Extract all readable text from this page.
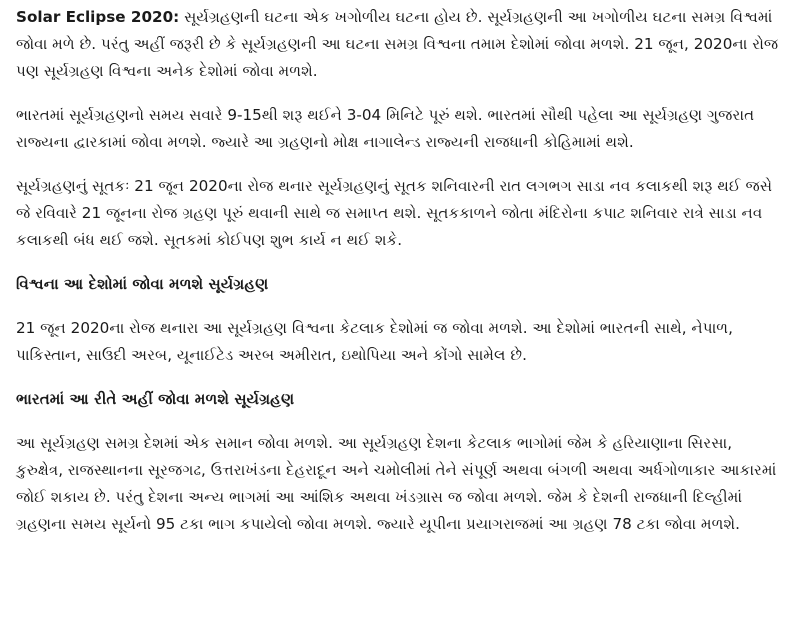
Solar Eclipse 2020: સૂર્યગ્રહણની ઘટના એક ખગોળીય ઘટના હોય છે. સૂર્યગ્રહણની આ ખગોળીય ઘટના સમગ્ર વિશ્વમાં જોવા મળે છે. પરંતુ અહીં જરૂરી છે કે સૂર્યગ્રહણની આ ઘટના સમગ્ર વિશ્વના તમામ દેશોમાં જોવા મળશે. 21 જૂન, 2020ના રોજ પણ સૂર્યગ્રહણ વિશ્વના અનેક દેશોમાં જોવા મળશે.

ભારતમાં સૂર્યગ્રહણનો સમય સવારે 9-15થી શરૂ થઈને 3-04 મિનિટે પૂરું થશે. ભારતમાં સૌથી પહેલા આ સૂર્યગ્રહણ ગુજરાત રાજ્યના દ્વારકામાં જોવા મળશે. જ્યારે આ ગ્રહણનો મોક્ષ નાગાલેન્ડ રાજ્યની રાજધાની કોહિમામાં થશે.

સૂર્યગ્રહણનું સૂતકઃ 21 જૂન 2020ના રોજ થનાર સૂર્યગ્રહણનું સૂતક શનિવારની રાત લગભગ સાડા નવ કલાકથી શરૂ થઈ જસે જે રવિવારે 21 જૂનના રોજ ગ્રહણ પૂરું થવાની સાથે જ સમાપ્ત થશે. સૂતકકાળને જોતા મંદિરોના કપાટ શનિવાર રાત્રે સાડા નવ કલાકથી બંધ થઈ જશે. સૂતકમાં કોઈપણ શુભ કાર્ય ન થઈ શકે.

વિશ્વના આ દેશોમાં જોવા મળશે સૂર્યગ્રહણ

21 જૂન 2020ના રોજ થનારા આ સૂર્યગ્રહણ વિશ્વના કેટલાક દેશોમાં જ જોવા મળશે. આ દેશોમાં ભારતની સાથે, નેપાળ, પાકિસ્તાન, સાઉદી અરબ, યૂનાઈટેડ અરબ અમીરાત, ઇથોપિયા અને કોંગો સામેલ છે.

ભારતમાં આ રીતે અહીં જોવા મળશે સૂર્યગ્રહણ

આ સૂર્યગ્રહણ સમગ્ર દેશમાં એક સમાન જોવા મળશે. આ સૂર્યગ્રહણ દેશના કેટલાક ભાગોમાં જેમ કે હરિયાણાના સિરસા, કુરુક્ષેત્ર, રાજસ્થાનના સૂરજગઢ, ઉત્તરાખંડના દેહરાદૂન અને ચમોલીમાં તેને સંપૂર્ણ અથવા બંગળી અથવા અર્ધગોળાકાર આકારમાં જોઈ શકાય છે. પરંતુ દેશના અન્ય ભાગમાં આ આંશિક અથવા ખંડગ્રાસ જ જોવા મળશે. જેમ કે દેશની રાજધાની દિલ્હીમાં ગ્રહણના સમય સૂર્યનો 95 ટકા ભાગ કપાયેલો જોવા મળશે. જ્યારે યૂપીના પ્રયાગરાજમાં આ ગ્રહણ 78 ટકા જોવા મળશે.
